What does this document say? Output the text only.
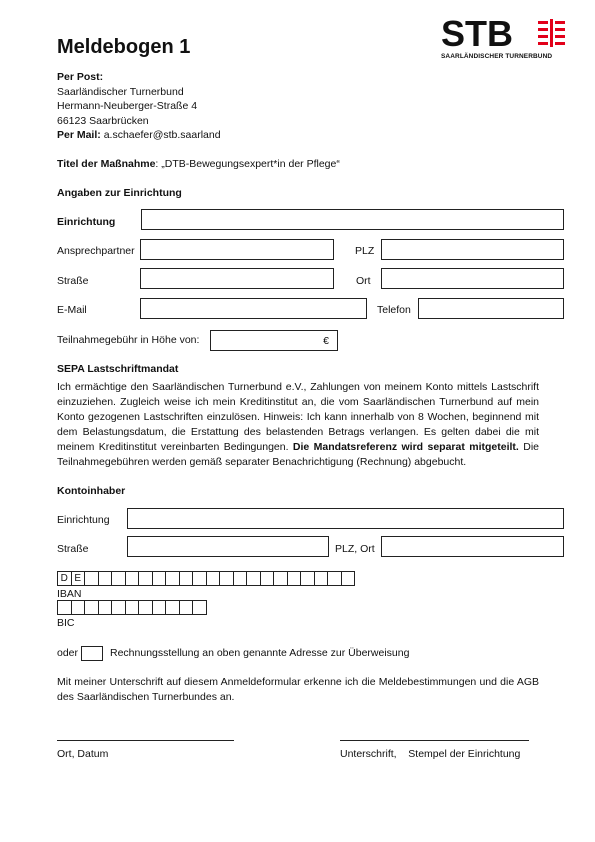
Meldebogen 1	STB
SAARLÄNDISCHER TURNERBUND
Per Post:
Saarländischer Turnerbund
Hermann-Neuberger-Straße 4
66123 Saarbrücken
Per Mail: a.schaefer@stb.saarland
Titel der Maßnahme: „DTB-Bewegungsexpert*in der Pflege“
Angaben zur Einrichtung
Einrichtung
Ansprechpartner	PLZ
Straße	Ort
E-Mail	Telefon
Teilnahmegebühr in Höhe von:	€
SEPA Lastschriftmandat
Ich ermächtige den Saarländischen Turnerbund e.V., Zahlungen von meinem Konto mittels Lastschrift einzuziehen. Zugleich weise ich mein Kreditinstitut an, die vom Saarländischen Turnerbund auf mein Konto gezogenen Lastschriften einzulösen. Hinweis: Ich kann innerhalb von 8 Wochen, beginnend mit dem Belastungsdatum, die Erstattung des belastenden Betrags verlangen. Es gelten dabei die mit meinem Kreditinstitut vereinbarten Bedingungen. Die Mandatsreferenz wird separat mitgeteilt. Die Teilnahmegebühren werden gemäß separater Benachrichtigung (Rechnung) abgebucht.
Kontoinhaber
Einrichtung
Straße	PLZ, Ort
D E
IBAN
BIC
oder	Rechnungsstellung an oben genannte Adresse zur Überweisung
Mit meiner Unterschrift auf diesem Anmeldeformular erkenne ich die Meldebestimmungen und die AGB des Saarländischen Turnerbundes an.
Ort, Datum	Unterschrift, Stempel der Einrichtung
